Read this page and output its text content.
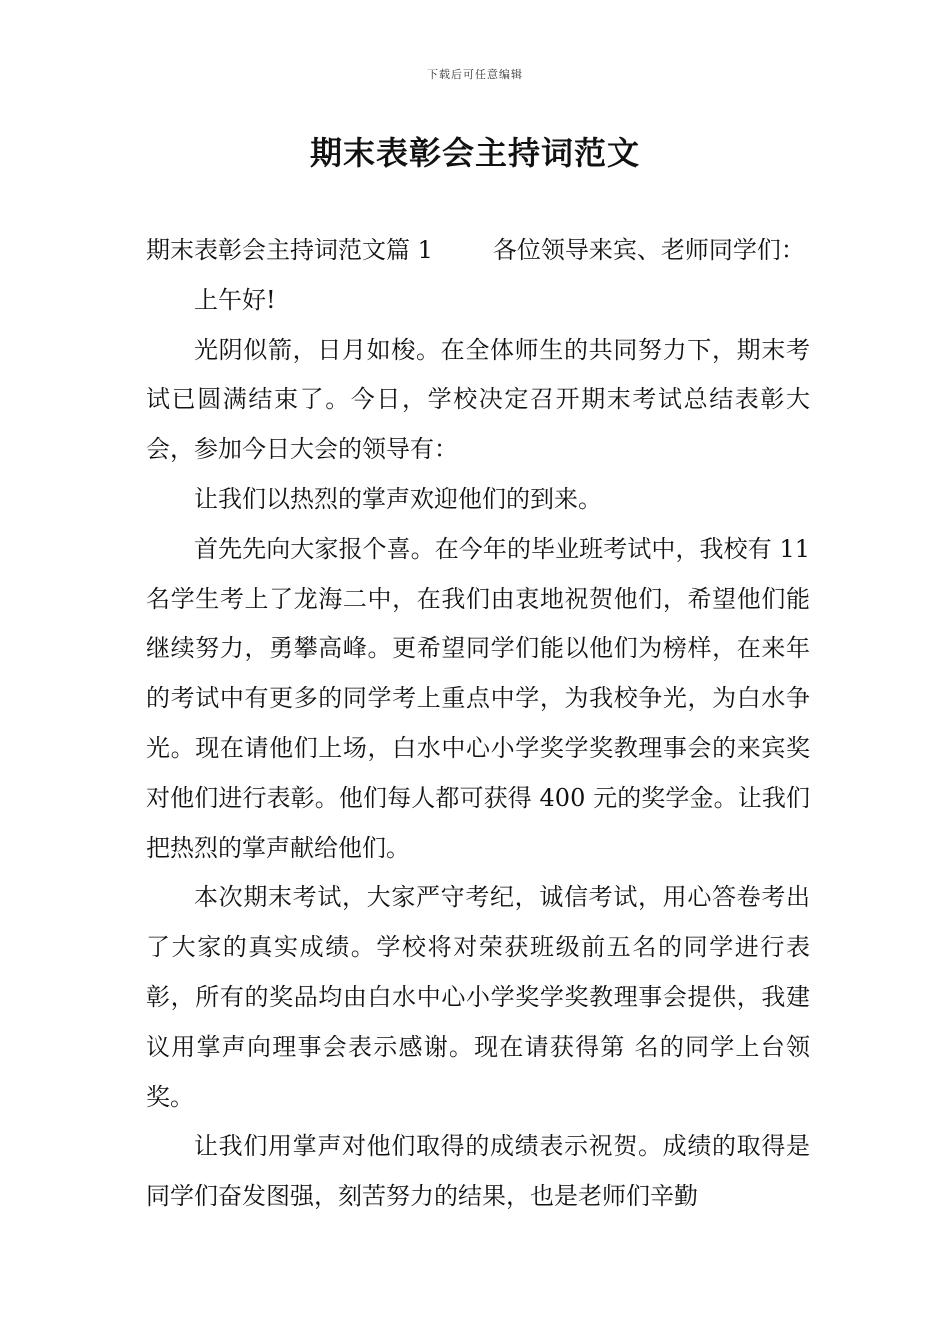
下载后可任意编辑
期末表彰会主持词范文

期末表彰会主持词范文篇 1	各位领导来宾、老师同学们：

上午好!

光阴似箭，日月如梭。在全体师生的共同努力下，期末考试已圆满结束了。今日，学校决定召开期末考试总结表彰大会，参加今日大会的领导有：

让我们以热烈的掌声欢迎他们的到来。

首先先向大家报个喜。在今年的毕业班考试中，我校有 11 名学生考上了龙海二中，在我们由衷地祝贺他们，希望他们能继续努力，勇攀高峰。更希望同学们能以他们为榜样，在来年的考试中有更多的同学考上重点中学，为我校争光，为白水争光。现在请他们上场，白水中心小学奖学奖教理事会的来宾奖对他们进行表彰。他们每人都可获得 400 元的奖学金。让我们把热烈的掌声献给他们。

本次期末考试，大家严守考纪，诚信考试，用心答卷考出了大家的真实成绩。学校将对荣获班级前五名的同学进行表彰，所有的奖品均由白水中心小学奖学奖教理事会提供，我建议用掌声向理事会表示感谢。现在请获得第 名的同学上台领奖。

让我们用掌声对他们取得的成绩表示祝贺。成绩的取得是同学们奋发图强，刻苦努力的结果，也是老师们辛勤
